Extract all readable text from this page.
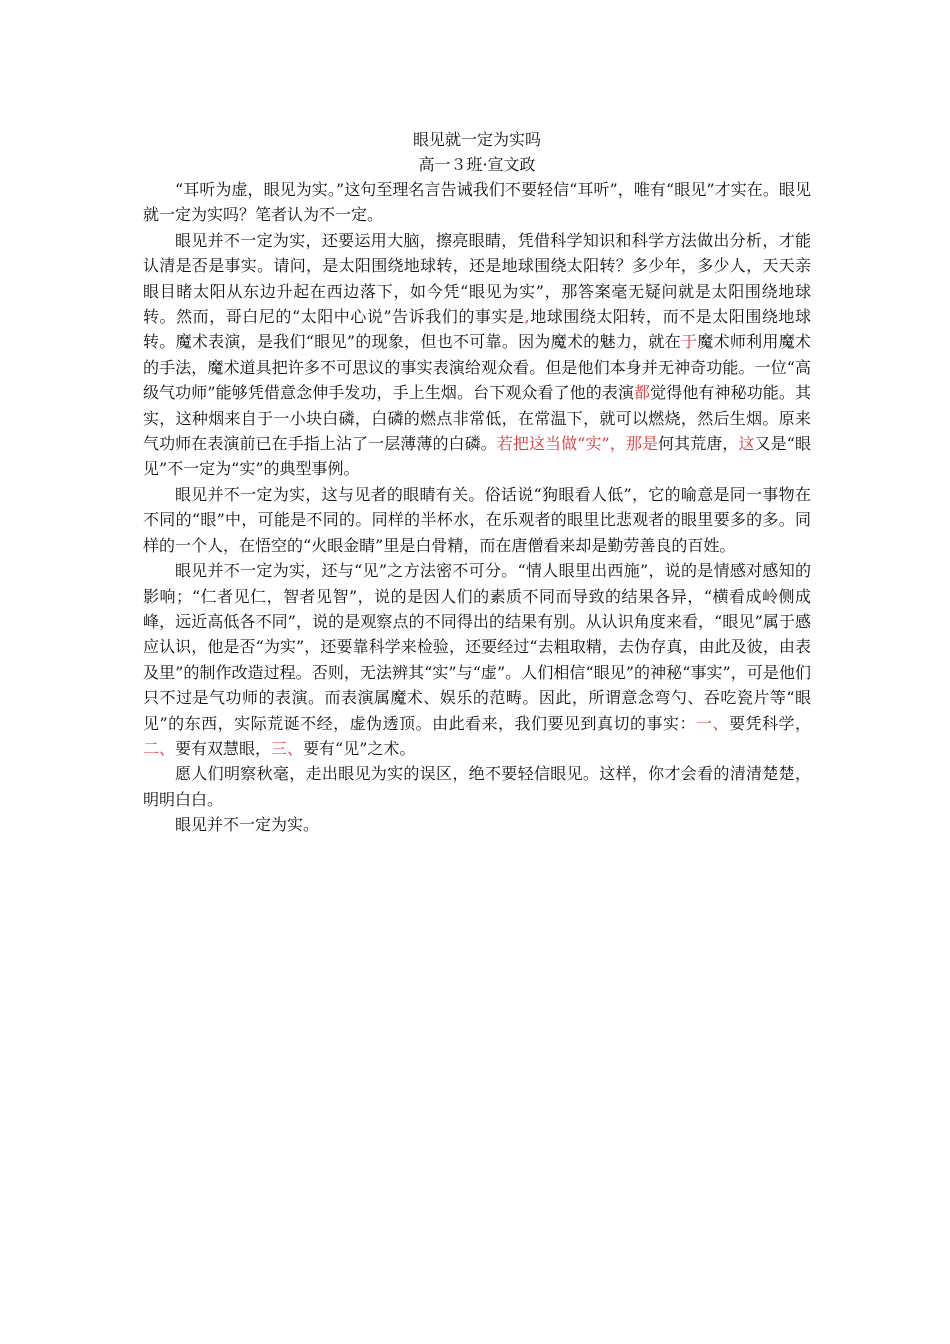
眼见就一定为实吗
高一３班·宣文政

“耳听为虚，眼见为实。”这句至理名言告诫我们不要轻信“耳听”，唯有“眼见”才实在。眼见就一定为实吗？笔者认为不一定。

眼见并不一定为实，还要运用大脑，擦亮眼睛，凭借科学知识和科学方法做出分析，才能认清是否是事实。请问，是太阳围绕地球转，还是地球围绕太阳转？多少年，多少人，天天亲眼目睹太阳从东边升起在西边落下，如今凭“眼见为实”，那答案毫无疑问就是太阳围绕地球转。然而，哥白尼的“太阳中心说”告诉我们的事实是,地球围绕太阳转，而不是太阳围绕地球转。魔术表演，是我们“眼见”的现象，但也不可靠。因为魔术的魅力，就在于魔术师利用魔术的手法，魔术道具把许多不可思议的事实表演给观众看。但是他们本身并无神奇功能。一位“高级气功师”能够凭借意念伸手发功，手上生烟。台下观众看了他的表演都觉得他有神秘功能。其实，这种烟来自于一小块白磷，白磷的燃点非常低，在常温下，就可以燃烧，然后生烟。原来气功师在表演前已在手指上沾了一层薄薄的白磷。若把这当做“实”，那是何其荒唐，这又是“眼见”不一定为“实”的典型事例。

眼见并不一定为实，这与见者的眼睛有关。俗话说“狗眼看人低”，它的喻意是同一事物在不同的“眼”中，可能是不同的。同样的半杯水，在乐观者的眼里比悲观者的眼里要多的多。同样的一个人，在悟空的“火眼金睛”里是白骨精，而在唐僧看来却是勤劳善良的百姓。

眼见并不一定为实，还与“见”之方法密不可分。“情人眼里出西施”，说的是情感对感知的影响；“仁者见仁，智者见智”，说的是因人们的素质不同而导致的结果各异，“横看成岭侧成峰，远近高低各不同”，说的是观察点的不同得出的结果有别。从认识角度来看，“眼见”属于感应认识，他是否“为实”，还要靠科学来检验，还要经过“去粗取精，去伪存真，由此及彼，由表及里”的制作改造过程。否则，无法辨其“实”与“虚”。人们相信“眼见”的神秘“事实”，可是他们只不过是气功师的表演。而表演属魔术、娱乐的范畴。因此，所谓意念弯勺、吞吃瓷片等“眼见”的东西，实际荒诞不经，虚伪透顶。由此看来，我们要见到真切的事实：一、要凭科学，二、要有双慧眼，三、要有“见”之术。

愿人们明察秋毫，走出眼见为实的误区，绝不要轻信眼见。这样，你才会看的清清楚楚，明明白白。

眼见并不一定为实。
